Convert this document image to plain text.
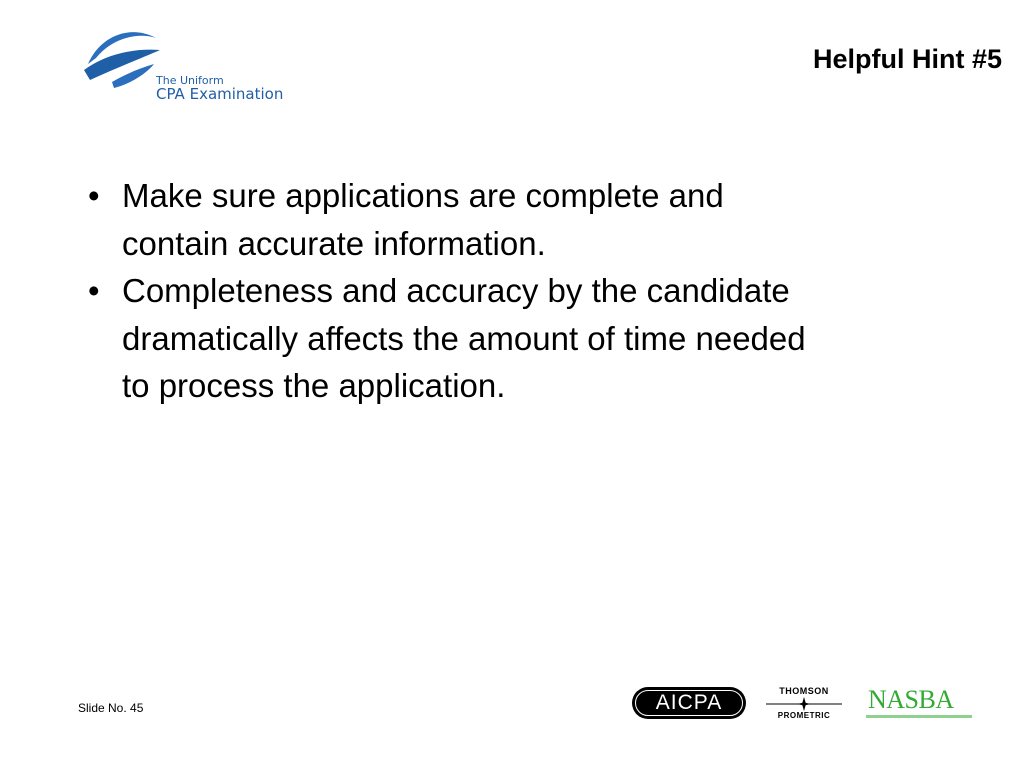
The Uniform
CPA Examination
Helpful Hint #5
• Make sure applications are complete and contain accurate information.
• Completeness and accuracy by the candidate dramatically affects the amount of time needed to process the application.
Slide No. 45	AICPA	THOMSON
PROMETRIC
NASBA
